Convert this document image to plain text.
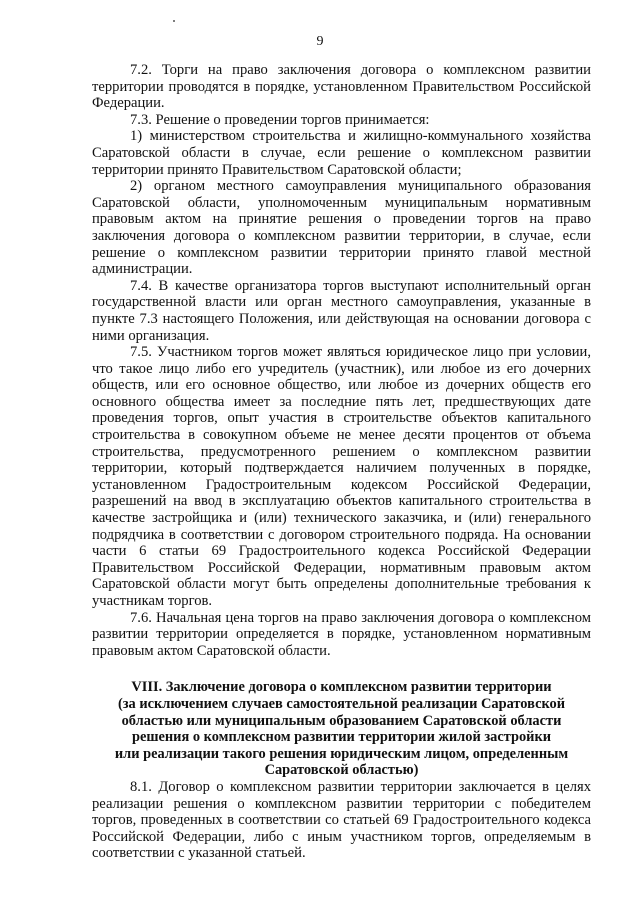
9

7.2. Торги на право заключения договора о комплексном развитии территории проводятся в порядке, установленном Правительством Российской Федерации.

7.3. Решение о проведении торгов принимается:

1) министерством строительства и жилищно-коммунального хозяйства Саратовской области в случае, если решение о комплексном развитии территории принято Правительством Саратовской области;

2) органом местного самоуправления муниципального образования Саратовской области, уполномоченным муниципальным нормативным правовым актом на принятие решения о проведении торгов на право заключения договора о комплексном развитии территории, в случае, если решение о комплексном развитии территории принято главой местной администрации.

7.4. В качестве организатора торгов выступают исполнительный орган государственной власти или орган местного самоуправления, указанные в пункте 7.3 настоящего Положения, или действующая на основании договора с ними организация.

7.5. Участником торгов может являться юридическое лицо при условии, что такое лицо либо его учредитель (участник), или любое из его дочерних обществ, или его основное общество, или любое из дочерних обществ его основного общества имеет за последние пять лет, предшествующих дате проведения торгов, опыт участия в строительстве объектов капитального строительства в совокупном объеме не менее десяти процентов от объема строительства, предусмотренного решением о комплексном развитии территории, который подтверждается наличием полученных в порядке, установленном Градостроительным кодексом Российской Федерации, разрешений на ввод в эксплуатацию объектов капитального строительства в качестве застройщика и (или) технического заказчика, и (или) генерального подрядчика в соответствии с договором строительного подряда. На основании части 6 статьи 69 Градостроительного кодекса Российской Федерации Правительством Российской Федерации, нормативным правовым актом Саратовской области могут быть определены дополнительные требования к участникам торгов.

7.6. Начальная цена торгов на право заключения договора о комплексном развитии территории определяется в порядке, установленном нормативным правовым актом Саратовской области.

VIII. Заключение договора о комплексном развитии территории
(за исключением случаев самостоятельной реализации Саратовской
областью или муниципальным образованием Саратовской области
решения о комплексном развитии территории жилой застройки
или реализации такого решения юридическим лицом, определенным
Саратовской областью)

8.1. Договор о комплексном развитии территории заключается в целях реализации решения о комплексном развитии территории с победителем торгов, проведенных в соответствии со статьей 69 Градостроительного кодекса Российской Федерации, либо с иным участником торгов, определяемым в соответствии с указанной статьей.
